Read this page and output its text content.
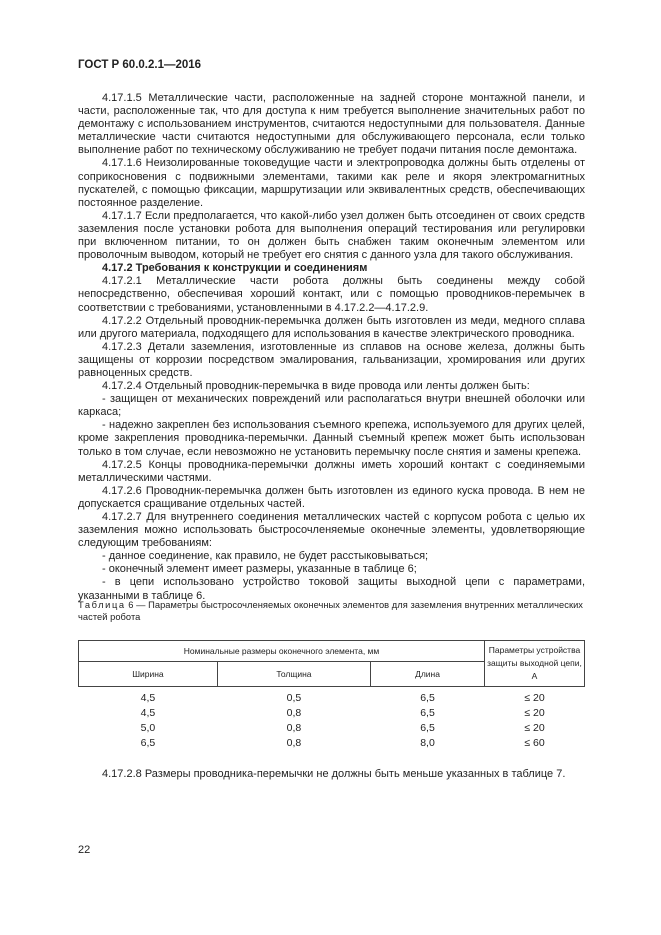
ГОСТ Р 60.0.2.1—2016

4.17.1.5 Металлические части, расположенные на задней стороне монтажной панели, и части, расположенные так, что для доступа к ним требуется выполнение значительных работ по демонтажу с использованием инструментов, считаются недоступными для пользователя. Данные металлические части считаются недоступными для обслуживающего персонала, если только выполнение работ по техническому обслуживанию не требует подачи питания после демонтажа.

4.17.1.6 Неизолированные токоведущие части и электропроводка должны быть отделены от соприкосновения с подвижными элементами, такими как реле и якоря электромагнитных пускателей, с помощью фиксации, маршрутизации или эквивалентных средств, обеспечивающих постоянное разделение.

4.17.1.7 Если предполагается, что какой-либо узел должен быть отсоединен от своих средств заземления после установки робота для выполнения операций тестирования или регулировки при включенном питании, то он должен быть снабжен таким оконечным элементом или проволочным выводом, который не требует его снятия с данного узла для такого обслуживания.

4.17.2 Требования к конструкции и соединениям

4.17.2.1 Металлические части робота должны быть соединены между собой непосредственно, обеспечивая хороший контакт, или с помощью проводников-перемычек в соответствии с требованиями, установленными в 4.17.2.2—4.17.2.9.

4.17.2.2 Отдельный проводник-перемычка должен быть изготовлен из меди, медного сплава или другого материала, подходящего для использования в качестве электрического проводника.

4.17.2.3 Детали заземления, изготовленные из сплавов на основе железа, должны быть защищены от коррозии посредством эмалирования, гальванизации, хромирования или других равноценных средств.

4.17.2.4 Отдельный проводник-перемычка в виде провода или ленты должен быть:

- защищен от механических повреждений или располагаться внутри внешней оболочки или каркаса;

- надежно закреплен без использования съемного крепежа, используемого для других целей, кроме закрепления проводника-перемычки. Данный съемный крепеж может быть использован только в том случае, если невозможно не установить перемычку после снятия и замены крепежа.

4.17.2.5 Концы проводника-перемычки должны иметь хороший контакт с соединяемыми металлическими частями.

4.17.2.6 Проводник-перемычка должен быть изготовлен из единого куска провода. В нем не допускается сращивание отдельных частей.

4.17.2.7 Для внутреннего соединения металлических частей с корпусом робота с целью их заземления можно использовать быстросочленяемые оконечные элементы, удовлетворяющие следующим требованиям:

- данное соединение, как правило, не будет расстыковываться;

- оконечный элемент имеет размеры, указанные в таблице 6;

- в цепи использовано устройство токовой защиты выходной цепи с параметрами, указанными в таблице 6.

Таблица 6 — Параметры быстросочленяемых оконечных элементов для заземления внутренних металлических частей робота
Номинальные размеры оконечного элемента, мм			Параметры устройства защиты выходной цепи, А
Ширина	Толщина	Длина	
4,5	0,5	6,5	≤ 20
4,5	0,8	6,5	≤ 20
5,0	0,8	6,5	≤ 20
6,5	0,8	8,0	≤ 60
4.17.2.8 Размеры проводника-перемычки не должны быть меньше указанных в таблице 7.
22
